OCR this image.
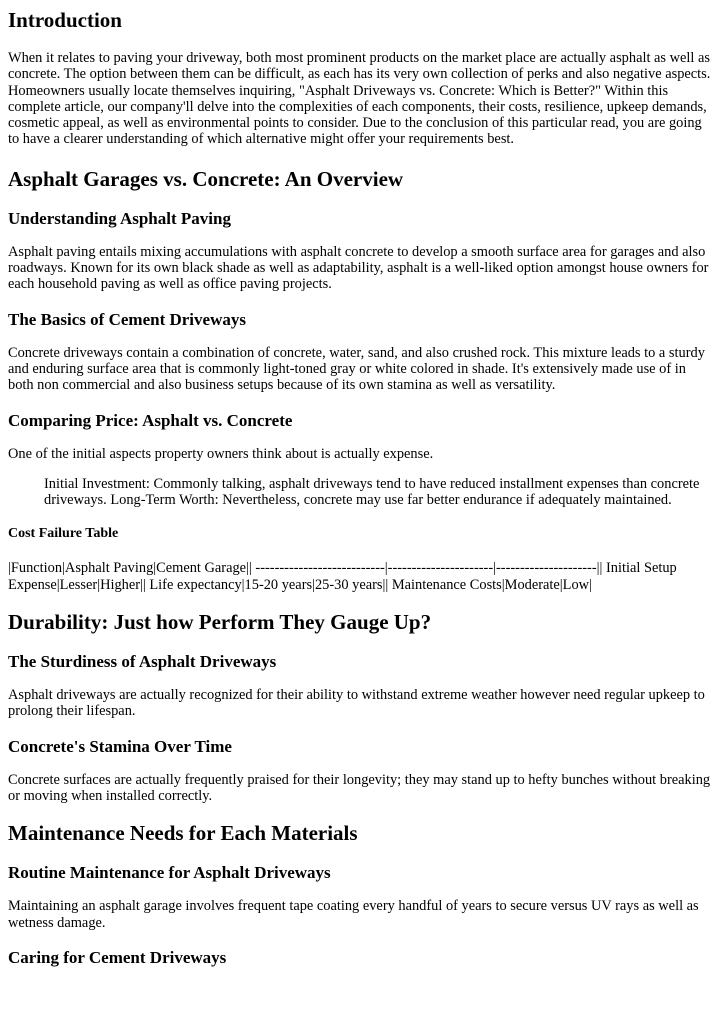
Introduction

When it relates to paving your driveway, both most prominent products on the market place are actually asphalt as well as concrete. The option between them can be difficult, as each has its very own collection of perks and also negative aspects. Homeowners usually locate themselves inquiring, "Asphalt Driveways vs. Concrete: Which is Better?" Within this complete article, our company'll delve into the complexities of each components, their costs, resilience, upkeep demands, cosmetic appeal, as well as environmental points to consider. Due to the conclusion of this particular read, you are going to have a clearer understanding of which alternative might offer your requirements best.

Asphalt Garages vs. Concrete: An Overview
Understanding Asphalt Paving

Asphalt paving entails mixing accumulations with asphalt concrete to develop a smooth surface area for garages and also roadways. Known for its own black shade as well as adaptability, asphalt is a well-liked option amongst house owners for each household paving as well as office paving projects.

The Basics of Cement Driveways

Concrete driveways contain a combination of concrete, water, sand, and also crushed rock. This mixture leads to a sturdy and enduring surface area that is commonly light-toned gray or white colored in shade. It's extensively made use of in both non commercial and also business setups because of its own stamina as well as versatility.

Comparing Price: Asphalt vs. Concrete

One of the initial aspects property owners think about is actually expense.

Initial Investment: Commonly talking, asphalt driveways tend to have reduced installment expenses than concrete driveways. Long-Term Worth: Nevertheless, concrete may use far better endurance if adequately maintained.
Cost Failure Table

|Function|Asphalt Paving|Cement Garage|| ---------------------------|----------------------|---------------------|| Initial Setup Expense|Lesser|Higher|| Life expectancy|15-20 years|25-30 years|| Maintenance Costs|Moderate|Low|

Durability: Just how Perform They Gauge Up?
The Sturdiness of Asphalt Driveways

Asphalt driveways are actually recognized for their ability to withstand extreme weather however need regular upkeep to prolong their lifespan.

Concrete's Stamina Over Time

Concrete surfaces are actually frequently praised for their longevity; they may stand up to hefty bunches without breaking or moving when installed correctly.

Maintenance Needs for Each Materials
Routine Maintenance for Asphalt Driveways

Maintaining an asphalt garage involves frequent tape coating every handful of years to secure versus UV rays as well as wetness damage.

Caring for Cement Driveways
